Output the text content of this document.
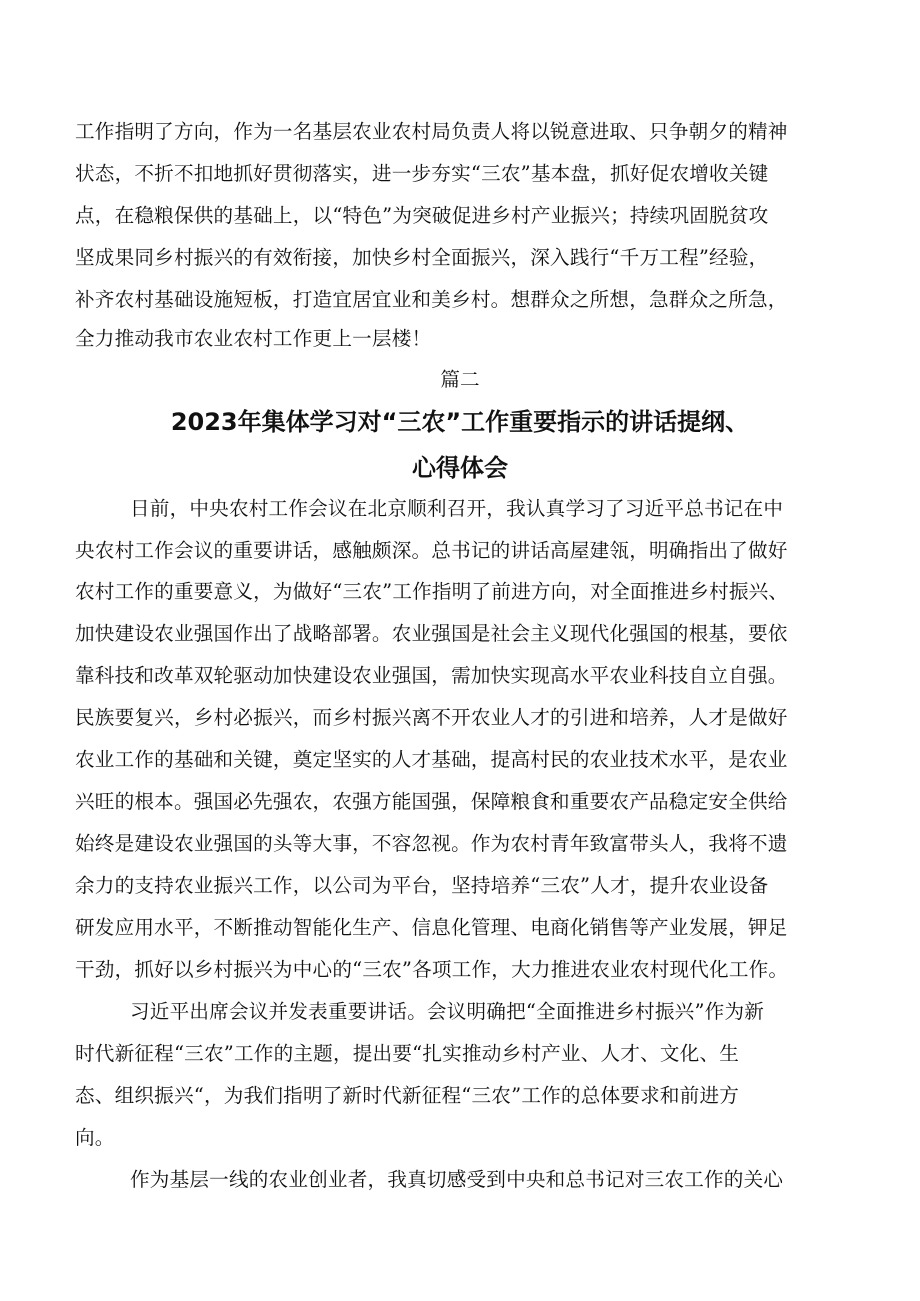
工作指明了方向，作为一名基层农业农村局负责人将以锐意进取、只争朝夕的精神
状态，不折不扣地抓好贯彻落实，进一步夯实“三农”基本盘，抓好促农增收关键
点，在稳粮保供的基础上，以“特色”为突破促进乡村产业振兴；持续巩固脱贫攻
坚成果同乡村振兴的有效衔接，加快乡村全面振兴，深入践行“千万工程”经验，
补齐农村基础设施短板，打造宜居宜业和美乡村。想群众之所想，急群众之所急，
全力推动我市农业农村工作更上一层楼！
篇二
2023年集体学习对“三农”工作重要指示的讲话提纲、
心得体会
日前，中央农村工作会议在北京顺利召开，我认真学习了习近平总书记在中
央农村工作会议的重要讲话，感触颇深。总书记的讲话高屋建瓴，明确指出了做好
农村工作的重要意义，为做好“三农”工作指明了前进方向，对全面推进乡村振兴、
加快建设农业强国作出了战略部署。农业强国是社会主义现代化强国的根基，要依
靠科技和改革双轮驱动加快建设农业强国，需加快实现高水平农业科技自立自强。
民族要复兴，乡村必振兴，而乡村振兴离不开农业人才的引进和培养，人才是做好
农业工作的基础和关键，奠定坚实的人才基础，提高村民的农业技术水平，是农业
兴旺的根本。强国必先强农，农强方能国强，保障粮食和重要农产品稳定安全供给
始终是建设农业强国的头等大事，不容忽视。作为农村青年致富带头人，我将不遗
余力的支持农业振兴工作，以公司为平台，坚持培养“三农”人才，提升农业设备
研发应用水平，不断推动智能化生产、信息化管理、电商化销售等产业发展，钾足
干劲，抓好以乡村振兴为中心的“三农”各项工作，大力推进农业农村现代化工作。
习近平出席会议并发表重要讲话。会议明确把“全面推进乡村振兴”作为新
时代新征程“三农”工作的主题，提出要“扎实推动乡村产业、人才、文化、生
态、组织振兴“，为我们指明了新时代新征程“三农”工作的总体要求和前进方
向。
作为基层一线的农业创业者，我真切感受到中央和总书记对三农工作的关心
